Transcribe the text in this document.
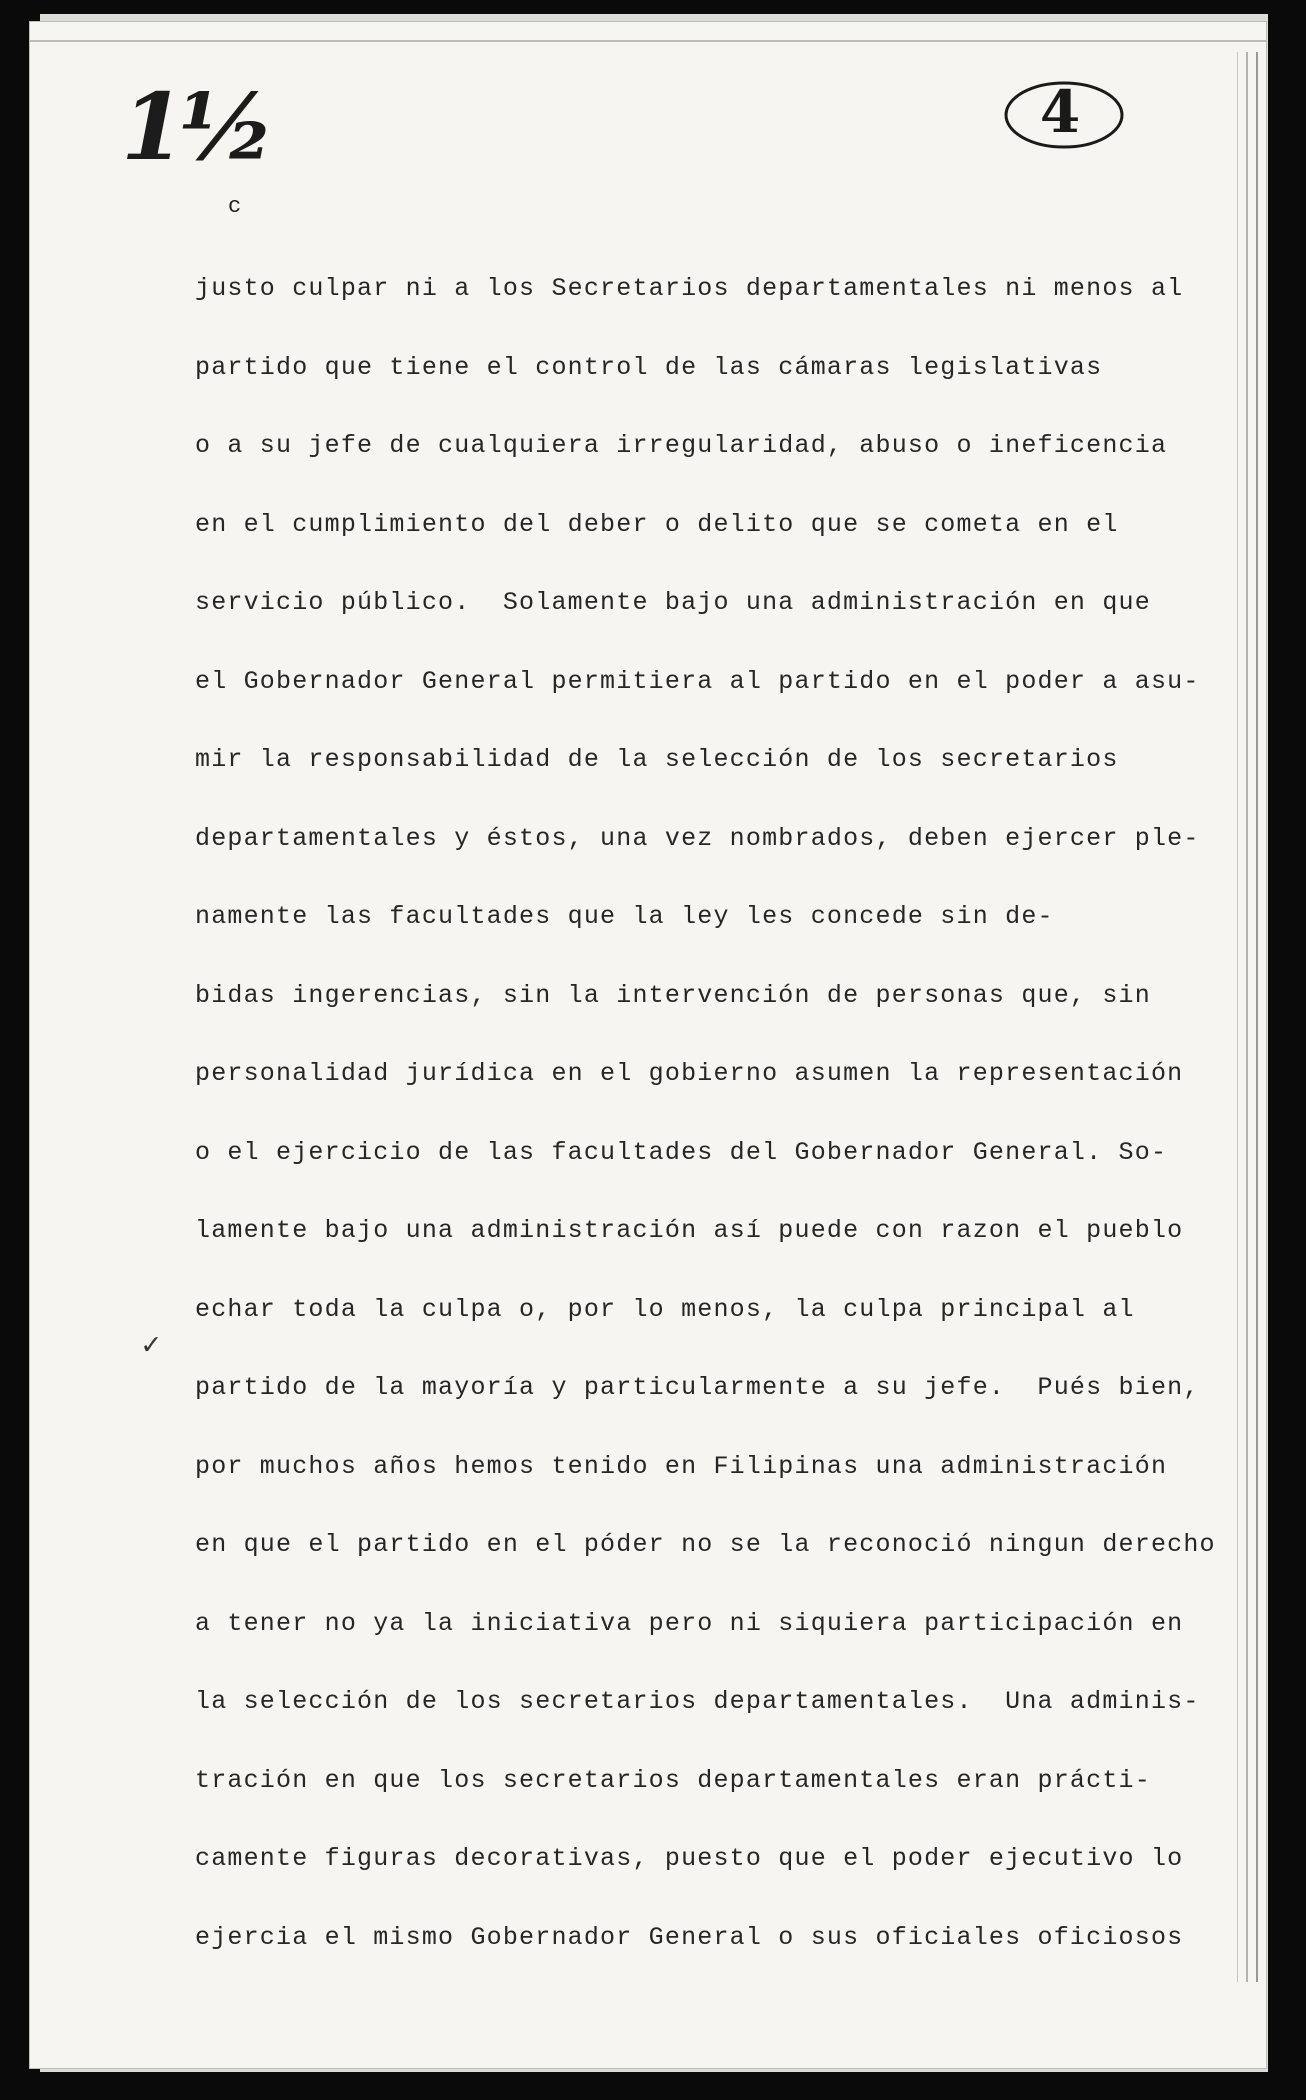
1½	4
c
justo culpar ni a los Secretarios departamentales ni menos al
partido que tiene el control de las cámaras legislativas
o a su jefe de cualquiera irregularidad, abuso o ineficencia
en el cumplimiento del deber o delito que se cometa en el
servicio público.  Solamente bajo una administración en que
el Gobernador General permitiera al partido en el poder a asu-
mir la responsabilidad de la selección de los secretarios
departamentales y éstos, una vez nombrados, deben ejercer ple-
namente las facultades que la ley les concede sin de-
bidas ingerencias, sin la intervención de personas que, sin
personalidad jurídica en el gobierno asumen la representación
o el ejercicio de las facultades del Gobernador General. So-
lamente bajo una administración así puede con razon el pueblo
echar toda la culpa o, por lo menos, la culpa principal al
partido de la mayoría y particularmente a su jefe.  Pués bien,
por muchos años hemos tenido en Filipinas una administración
en que el partido en el póder no se la reconoció ningun derecho
a tener no ya la iniciativa pero ni siquiera participación en
la selección de los secretarios departamentales.  Una adminis-
tración en que los secretarios departamentales eran prácti-
camente figuras decorativas, puesto que el poder ejecutivo lo
ejercia el mismo Gobernador General o sus oficiales oficiosos
✓
